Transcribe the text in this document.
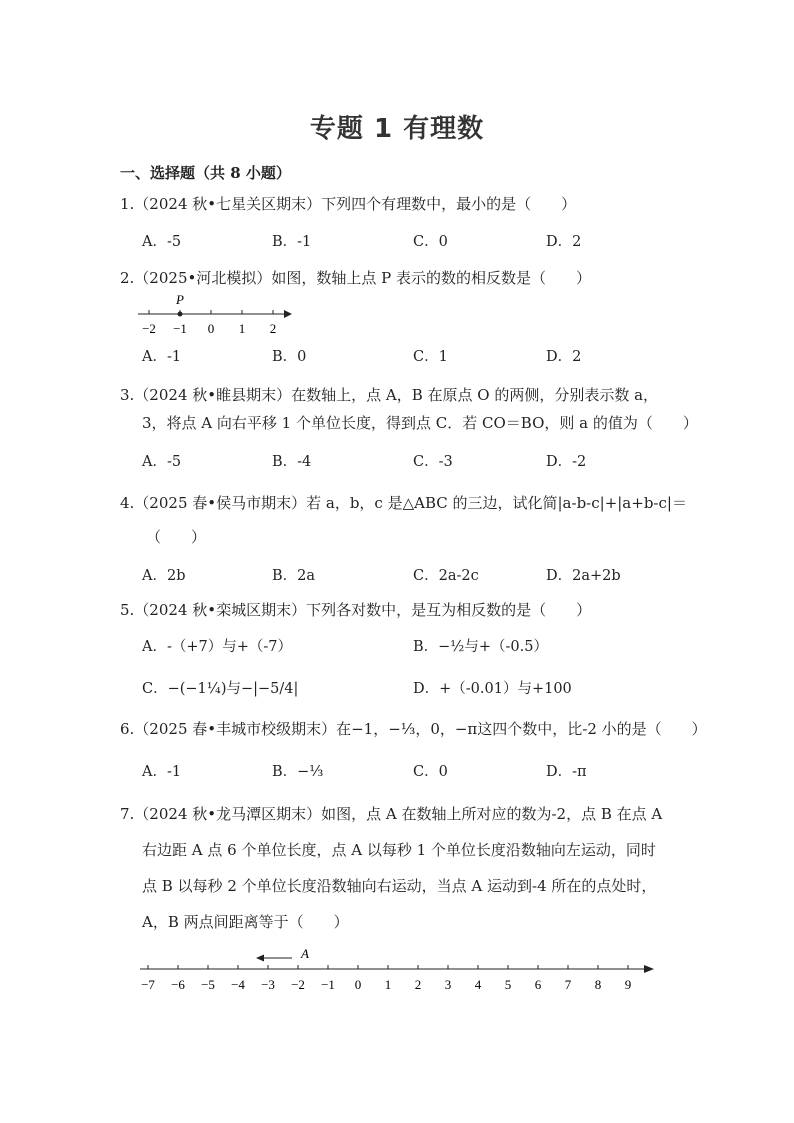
专题 1 有理数
一、选择题（共 8 小题）
1.（2024 秋•七星关区期末）下列四个有理数中，最小的是（　　）
A．-5	B．-1	C．0	D．2
2.（2025•河北模拟）如图，数轴上点 P 表示的数的相反数是（　　）
P
−2 −1 0 1 2
A．-1	B．0	C．1	D．2
3.（2024 秋•睢县期末）在数轴上，点 A，B 在原点 O 的两侧，分别表示数 a，
3，将点 A 向右平移 1 个单位长度，得到点 C．若 CO＝BO，则 a 的值为（　　）
A．-5	B．-4	C．-3	D．-2
4.（2025 春•侯马市期末）若 a，b，c 是△ABC 的三边，试化简|a-b-c|+|a+b-c|＝
（　　）
A．2b	B．2a	C．2a-2c	D．2a+2b
5.（2024 秋•栾城区期末）下列各对数中，是互为相反数的是（　　）
A．-（+7）与+（-7）	B．−½与+（-0.5）
C．−(−1¼)与−|−5/4|	D．+（-0.01）与+100
6.（2025 春•丰城市校级期末）在−1，−⅓，0，−π这四个数中，比-2 小的是（　　）
A．-1	B．−⅓	C．0	D．-π
7.（2024 秋•龙马潭区期末）如图，点 A 在数轴上所对应的数为-2，点 B 在点 A
右边距 A 点 6 个单位长度，点 A 以每秒 1 个单位长度沿数轴向左运动，同时
点 B 以每秒 2 个单位长度沿数轴向右运动，当点 A 运动到-4 所在的点处时，
A，B 两点间距离等于（　　）
−7 −6 −5 −4 −3 −2 −1 0 1 2 3 4 5 6 7 8 9
A
